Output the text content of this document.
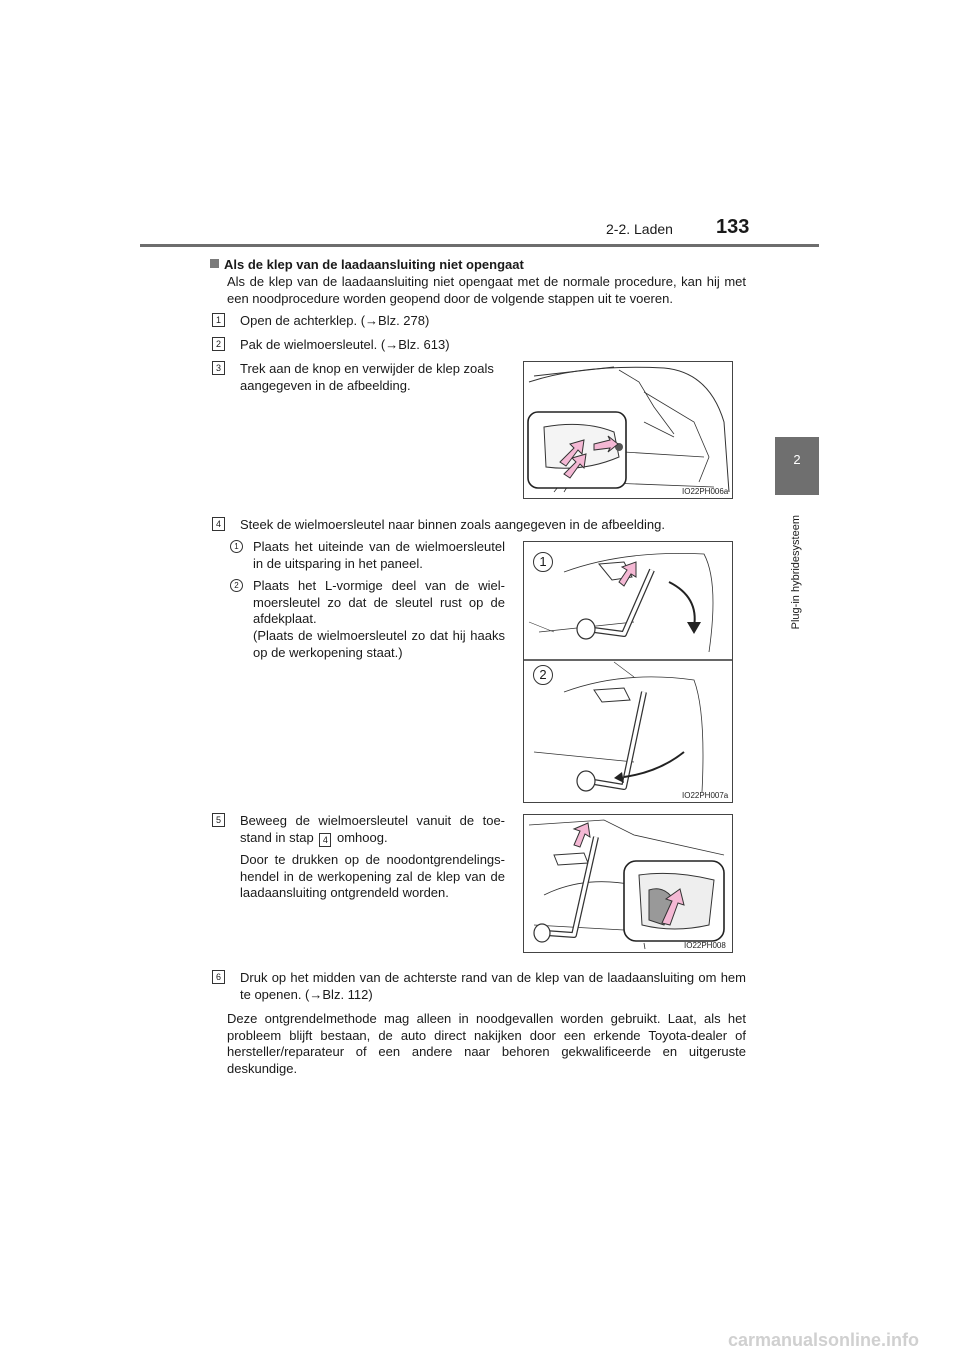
2-2. Laden 133
2
Plug-in hybridesysteem
Als de klep van de laadaansluiting niet opengaat
Als de klep van de laadaansluiting niet opengaat met de normale procedure, kan hij met een noodprocedure worden geopend door de volgende stappen uit te voeren.
1	Open de achterklep. (→Blz. 278)
2	Pak de wielmoersleutel. (→Blz. 613)
3	Trek aan de knop en verwijder de klep zoals aangegeven in de afbeelding.
IO22PH006a
4	Steek de wielmoersleutel naar binnen zoals aangegeven in de afbeelding.
1	Plaats het uiteinde van de wielmoersleutel in de uitsparing in het paneel.
2	Plaats het L-vormige deel van de wiel-moersleutel zo dat de sleutel rust op de afdekplaat.
(Plaats de wielmoersleutel zo dat hij haaks op de werkopening staat.)
1
2
IO22PH007a
5	Beweeg de wielmoersleutel vanuit de toe-stand in stap 4 omhoog.
Door te drukken op de noodontgrendelings-hendel in de werkopening zal de klep van de laadaansluiting ontgrendeld worden.
IO22PH008
6	Druk op het midden van de achterste rand van de klep van de laadaansluiting om hem te openen. (→Blz. 112)
Deze ontgrendelmethode mag alleen in noodgevallen worden gebruikt. Laat, als het probleem blijft bestaan, de auto direct nakijken door een erkende Toyota-dealer of hersteller/reparateur of een andere naar behoren gekwalificeerde en uitgeruste deskundige.
carmanualsonline.info
